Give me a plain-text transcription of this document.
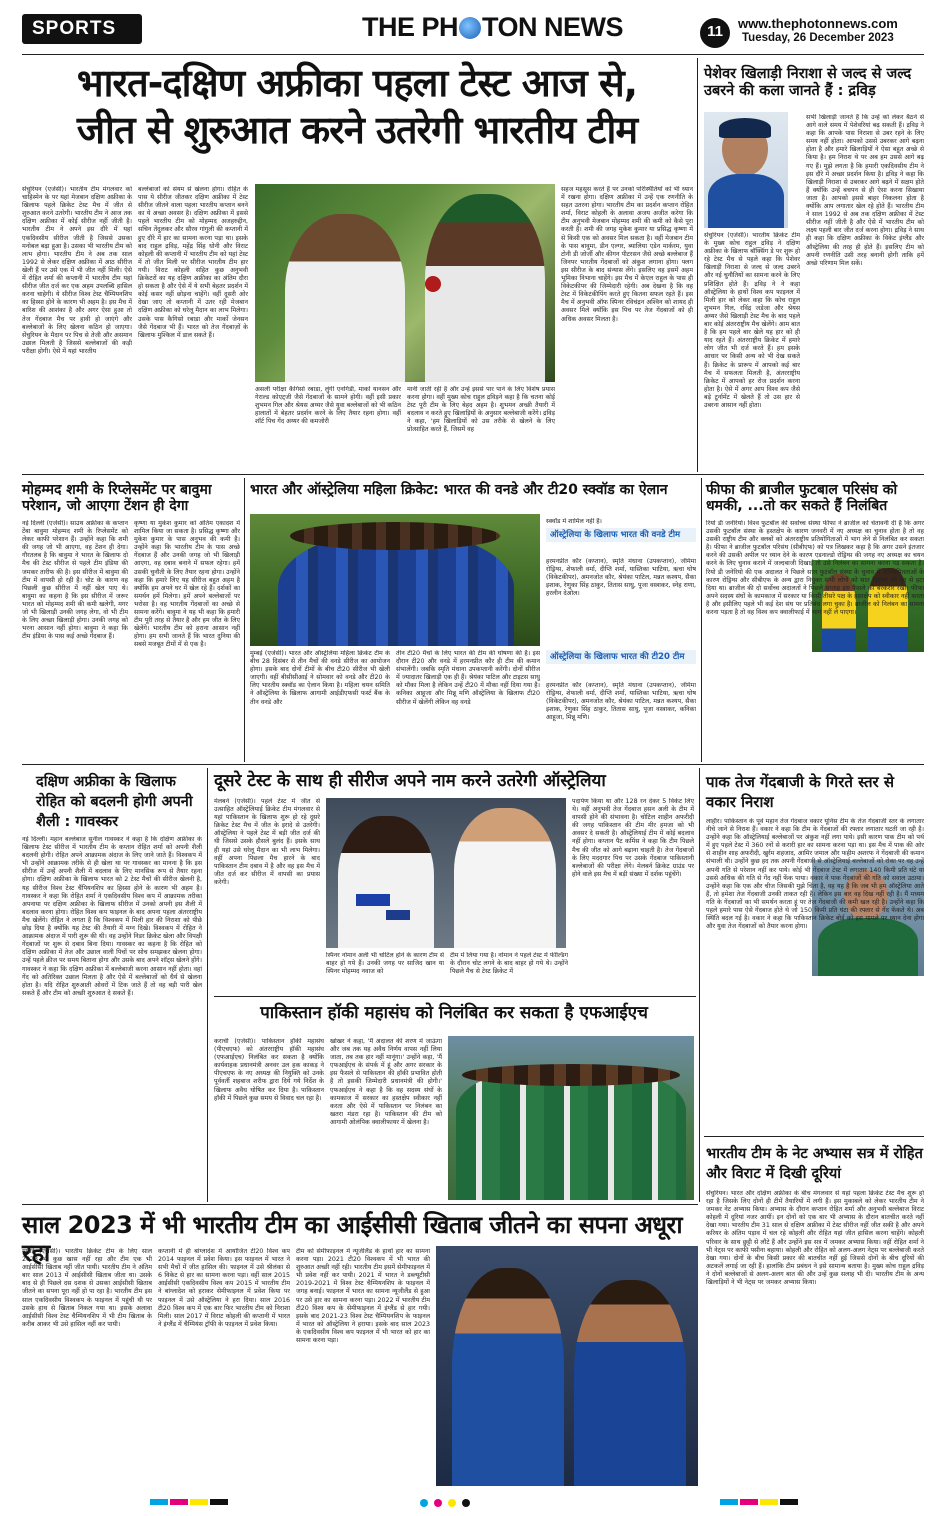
SPORTS	THE PH TON NEWS	11	www.thephotonnews.com
Tuesday, 26 December 2023
भारत-दक्षिण अफ्रीका पहला टेस्ट आज से,
जीत से शुरुआत करने उतरेगी भारतीय टीम
सेंचुरियन (एजेंसी)। भारतीय टीम मंगलवार को चाहिस्मेन के पर यहां मेजबान दक्षिण अफ्रीका के खिलाफ पहले क्रिकेट टेस्ट मैच में जीत से शुरुआत करने उतरेगी। भारतीय टीम ने आज तक दक्षिण अफ्रीका में कोई सीरीज नहीं जीती है। भारतीय टीम ने अपने इस दौरे में यहां एकदिवसीय सीरीज जीती है जिससे उसका मनोबल बढ़ा हुआ है। उसका भी भारतीय टीम को लाभ होगा। भारतीय टीम ने अब तक साल 1992 से लेकर दक्षिण अफ्रीका में आठ सीरीज खेली हैं पर उसे एक में भी जीत नहीं मिली। ऐसे में रोहित शर्मा की कप्तानी में भारतीय टीम यहां सीरीज जीत दर्ज कर एक अहम उपलब्धि हासिल करना चाहेगी। ये सीरीज विश्व टेस्ट चैम्पियनशिप का हिस्सा होने के कारण भी अहम है। इस मैच में बारिश की आशंका है और अगर ऐसा हुआ तो तेज गेंदबाज मैच पर हावी हो जाएंगे और बल्लेबाजों के लिए खेलना कठिन हो जाएगा। सेंचुरियन के मैदान पर पिच से तेजी और असमान उछाल मिलती है जिससे बल्लेबाजों की कड़ी परीक्षा होगी। ऐसे में यहां भारतीय
बल्लेबाजों को संयम से खेलना होगा। रोहित के पास ये सीरीज जीतकर दक्षिण अफ्रीका में टेस्ट सीरीज जीतने वाला पहला भारतीय कप्तान बनने का ये अच्छा अवसर है। दक्षिण अफ्रीका में इससे पहले भारतीय टीम को मोहम्मद अजहरुद्दीन, सचिन तेंदुलकर और सौरव गांगुली की कप्तानी में हुए दौरे में हार का सामना करना पड़ा था। इसके बाद राहुल द्रविड़, महेंद्र सिंह धोनी और विराट कोहली की कप्तानी में भारतीय टीम को यहां टेस्ट में तो जीत मिली पर सीरीज भारतीय टीम हार गयी। विराट कोहली सहित कुछ अनुभवी क्रिकेटरों का यह दक्षिण अफ्रीका का अंतिम दौरा हो सकता है और ऐसे में ये सभी बेहतर प्रदर्शन में कोई कसर नहीं छोड़ना चाहेंगे। वहीं दूसरी ओर देखा जाए तो कप्तानी में उतर रही मेजबान दक्षिण अफ्रीका को घरेलू मैदान का लाभ मिलेगा। उसके पास कैगिसो रबाडा और मार्को जेनसन जैसे गेंदबाज भी हैं। भारत को तेज गेंदबाज़ों के खिलाफ मुश्किल में डाल सकते हैं।
असली परीक्षा कैगिसो रबाडा, लुंगी एनगिडी, मार्को यानसन और गेराल्ड कोएट्जी जैसे गेंदबाजों के सामने होगी। वहीं इसी प्रकार शुभमन गिल और श्रेयस अय्यर जैसे युवा बल्लेबाजों को भी कठिन हालातों में बेहतर प्रदर्शन करने के लिए तैयार रहना होगा। वहीं शॉर्ट पिच गेंद अय्यर की कमजोरी
मानी जाती रही है और उन्हें इससे पार पाने के लिए विशेष प्रयास करना होगा। वहीं मुख्य कोच राहुल द्रविड़ने कहा है कि चतना कोई टेस्ट पूरी टीम के लिए बेहद अहम है। शुभमन अच्छी तैयारी में बदलाव न करते हुए खिलाड़ियों के अनुसार बल्लेबाजी करेंगे। द्रविड़ ने कहा, 'हम खिलाड़ियों को उस तरीके से खेलने के लिए प्रोत्साहित करते हैं, जिसमें वह
सहज महसूस करते हैं पर उनको परिस्थितियों को भी ध्यान में रखना होगा। दक्षिण अफ्रीका में उन्हें एक रणनीति के सहत उतरना होगा। भारतीय टीम का प्रदर्शन कप्तान रोहित शर्मा, विराट कोहली के अलावा अजय अजीत करेगा कि टीम अनुभवी मेजबान मोहम्मद शमी की कमी को कैसे पूरा करती है। शमी की जगह मुकेश कुमार या प्रसिद्ध कृष्णा में से किसी एक को अवसर मिल सकता है। वहीं मेजबान टीम के पास बावुमा, डीन एल्गर, ब्यालिया एडेन मार्करम, युवा टोनी डी जोर्जी और कीगन पीटरसन जैसे अच्छे बल्लेबाज हैं जिनपर भारतीय गेंदबाजों को अंकुश लगाना होगा। फ्लग इस सीरीज के बाद संन्यास लेंगे। इसलिए वह इसमें अहम भूमिका निभाना चाहेंगे। इस मैच में केएल राहुल के पास ही विकेटकीपर की जिम्मेदारी रहेगी। अब देखना है कि वह टेस्ट में विकेटकीपिंग करते हुए कितना सफल रहते हैं। इस मैच में अनुभवी ऑफ स्पिनर रविचंद्रन अश्विन को शायद ही अवसर मिले क्योंकि इस पिच पर तेज गेंदबाजों को ही अधिक अवसर मिलता है।
पेशेवर खिलाड़ी निराशा से जल्द से जल्द उबरने की कला जानते हैं : द्रविड़
सेंचुरियन (एजेंसी)। भारतीय क्रिकेट टीम के मुख्य कोच राहुल द्रविड़ ने दक्षिण अफ्रीका के खिलाफ बॉक्सिंग डे पर शुरू हो रहे टेस्ट मैच से पहले कहा कि पेशेवर खिलाड़ी निराशा से जल्द से जल्द उबरने और नई चुनौतियों का सामना करने के लिए प्रशिक्षित होते हैं। द्रविड़ ने ने कहा ऑस्ट्रेलिया के हाथों विश्व कप फाइनल में मिली हार को लेकर कहा कि कोच राहुल शुभमन गिल, रविंद्र जडेजा और श्रेयस अय्यर जैसे खिलाड़ी टेस्ट मैच के बाद पहले बार कोई अंतरराष्ट्रीय मैच खेलेंगे। आम बात है कि हम पहले बार खेले यह हार को ही याद रहते हैं। अंतरराष्ट्रीय क्रिकेट में हमारे लोग जीत भी दर्ज करते हैं। हम इसके आधार पर किसी अन्य को भी देख सकते हैं। क्रिकेट के प्रारूप में आपको कई बार मैच में सफलता मिलती है, अंतरराष्ट्रीय क्रिकेट में आपको हर रोज प्रदर्शन करना होता है। ऐसे में अगर आप विश्व कप जैसे बड़े टूर्नामेंट में खेलते हैं तो उस हार से उबरना आसान नहीं होता।
सभी खिलाड़ी जानते हैं कि उन्हें को लेकर बैठने से आगे वाले समय में पेशेवरियां बढ़ सकती हैं। द्रविड़ ने कहा कि आपके पास निराशा से उबर रहने के लिए समय नहीं होता। आपको उससे उबरकर आगे बढ़ना होता है और हमारे खिलाड़ियों ने ऐसा बहुत अच्छे से किया है। हम निराश थे पर अब हम उससे आगे बढ़ गए हैं। मुझे लगता है कि हमारी एकदिवसीय टीम ने इस दौरे में अच्छा प्रदर्शन किया है। द्रविड़ ने कहा कि खिलाड़ी निराशा से उबरकर आगे बढ़ने में सक्षम होते हैं क्योंकि उन्हें बचपन से ही ऐसा करना सिखाया जाता है। आपको इससे बाहर निकलना होता है क्योंकि आप लगातार खेल रहे होते हैं। भारतीय टीम ने साल 1992 से अब तक दक्षिण अफ्रीका में टेस्ट सीरीज नहीं जीती है और ऐसे में भारतीय टीम को लक्ष्य पहली बार जीत दर्ज करना होगा। द्रविड़ ने साथ ही कहा कि दक्षिण अफ्रीका के विकेट इंग्लैंड और ऑस्ट्रेलिया की तरह ही होते हैं। इसलिए टीम को अपनी रणनीति उसी तरह बनानी होगी ताकि हमें अच्छे परिणाम मिल सकें।
मोहम्मद शमी के रिप्लेसमेंट पर बावुमा परेशान, जो आएगा टेंशन ही देगा
नई दिल्ली (एजेंसी)। साउथ अफ्रीका के कप्तान टेंबा बावुमा मोहम्मद शमी के रिप्लेसमेंट को लेकर काफी परेशान हैं। उन्होंने कहा कि शमी की जगह जो भी आएगा, वह टेंशन ही देगा। गौरतलब है कि बावुमा ने भारत के खिलाफ दो मैच की टेस्ट सीरीज से पहले टीम इंडिया की जमकर तारीफ की है। इस सीरीज में बावुमा की टीम में वापसी हो रही है। चोट के कारण वह पिछली कुछ सीरीज में नहीं खेल पाए थे। बावुमा का कहना है कि इस सीरीज में जरूर भारत को मोहम्मद शमी की कमी खलेगी, मगर जो भी खिलाड़ी उनकी जगह लेगा, वो भी टीम के लिए अच्छा खिलाड़ी होगा। उनकी जगह को भरना आसान नहीं होगा। बावुमा ने कहा कि टीम इंडिया के पास कई अच्छे गेंदबाज हैं।
कृष्णा या मुकेश कुमार को अंतिम एकादश में शामिल किया जा सकता है। प्रसिद्ध कृष्णा और मुकेश कुमार के पास अनुभव की कमी है। उन्होंने कहा कि भारतीय टीम के पास अच्छे गेंदबाज हैं और उनकी जगह जो भी खिलाड़ी आएगा, वह दबाव बनाने में सफल रहेगा। हमें उसकी चुनौती के लिए तैयार रहना होगा। उन्होंने कहा कि हमारे लिए यह सीरीज बहुत अहम है क्योंकि हम अपने घर में खेल रहे हैं। दर्शकों का समर्थन हमें मिलेगा। हमें अपने बल्लेबाजों पर भरोसा है। वह भारतीय गेंदबाजों का अच्छे से सामना करेंगे। बावुमा ने यह भी कहा कि हमारी टीम पूरी तरह से तैयार है और हम जीत के लिए खेलेंगे। भारतीय टीम को हराना आसान नहीं होगा। हम सभी जानते हैं कि भारत दुनिया की सबसे मजबूत टीमों में से एक है।
भारत और ऑस्ट्रेलिया महिला क्रिकेट: भारत की वनडे और टी20 स्क्वॉड का ऐलान
मुम्बई (एजेंसी)। भारत और ऑस्ट्रेलिया महिला क्रिकेट टीम के बीच 28 दिसंबर से तीन मैचों की वनडे सीरीज का आयोजन होगा। इसके बाद दोनों टीमों के बीच टी20 सीरीज भी खेली जाएगी। वहीं बीसीसीआई ने सोमवार को वनडे और टी20 के लिए भारतीय स्क्वॉड का ऐलान किया है। महिला चयन समिति ने ऑस्ट्रेलिया के खिलाफ आगामी आईडीएफसी फर्स्ट बैंक के तीन वनडे और
तीन टी20 मैचों के लिए भारत की टीम की घोषणा की है। इस दौरान टी20 और वनडे में हरमनप्रीत कौर ही टीम की कमान संभालेंगी। जबकि स्मृति मंधाना उपकप्तानी करेंगी। दोनों सीरीज में ज्यादातर खिलाड़ी एक ही हैं। श्रेयंका पाटिल और टाइटस साधु को मौका मिला है लेकिन उन्हें टी20 में मौका नहीं दिया गया है। कनिका आहूजा और मिन्नू मणि ऑस्ट्रेलिया के खिलाफ टी20 सीरीज में खेलेंगी लेकिन वह वनडे
स्क्वॉड में शामिल नहीं हैं।
ऑस्ट्रेलिया के खिलाफ भारत की वनडे टीम
हरमनप्रीत कौर (कप्तान), स्मृति मंधाना (उपकप्तान), जेमिमा रोड्रिग्स, शेफाली वर्मा, दीप्ति शर्मा, यास्तिका भाटिया, ऋचा घोष (विकेटकीपर), अमनजोत कौर, श्रेयंका पाटिल, मन्नत कश्यप, सैका इशाक, रेणुका सिंह ठाकुर, तितास साधु, पूजा वस्त्राकर, स्नेह राणा, हरलीन देओल।
ऑस्ट्रेलिया के खिलाफ भारत की टी20 टीम
हरमनप्रीत कौर (कप्तान), स्मृति मंधाना (उपकप्तान), जेमिमा रोड्रिग्स, शेफाली वर्मा, दीप्ति शर्मा, यास्तिका भाटिया, ऋचा घोष (विकेटकीपर), अमनजोत कौर, श्रेयंका पाटिल, मन्नत कश्यप, सैका इशाक, रेणुका सिंह ठाकुर, तितास साधु, पूजा वस्त्राकर, कनिका आहूजा, मिन्नू मणि।
फीफा की ब्राजील फुटबाल परिसंघ को धमकी, ...तो कर सकते हैं निलंबित
रियो डी जनेरियो। विश्व फुटबॉल की सर्वोच्च संस्था फीफा ने ब्राजील को चेतावनी दी है कि अगर उसकी फुटबॉल संस्था के हस्तक्षेप के कारण जनवरी में नए अध्यक्ष का चुनाव होता है तो वह उसकी राष्ट्रीय टीम और क्लबों को अंतरराष्ट्रीय प्रतियोगिताओं में भाग लेने से निलंबित कर सकता है। फीफा ने ब्राजील फुटबॉल परिसंघ (सीबीएफ) को पत्र लिखकर कहा है कि अगर उसने इंतजार करने की उसकी अपील पर ध्यान देने के कारण एडनाल्डो रोड्रिग्स की जगह नए अध्यक्ष का चयन करने के लिए चुनाव कराने में जल्दबाजी दिखाई तो उसे निलंबन का सामना करना पड़ सकता है। रियो डी जनेरियो की एक अदालत ने पिछले साल फुटबॉल संस्था के चुनाव में अनियमितताओं के कारण रोड्रिग्स और सीबीएफ के अन्य द्वारा नियुक्त सभी लोगों को सात दिसंबर को पद से हटा दिया था। ब्राजील की दो सर्वोच्च अदालतों ने पिछले सप्ताह इस फैसले को बरकरार रखा। फीफा अपने सदस्य संघों के कामकाज में सरकार या किसी तीसरे पक्ष के हस्तक्षेप को स्वीकार नहीं करता है और इसीलिए पहले भी कई देश संघ पर प्रतिबंध लगा चुका है। ब्राजील को निलंबन का सामना करना पड़ता है तो वह विश्व कप क्वालीफाई में भाग नहीं ले पाएगा।
दक्षिण अफ्रीका के खिलाफ रोहित को बदलनी होगी अपनी शैली : गावस्कर
नई दिल्ली। महान बल्लेबाज सुनील गावस्कर ने कहा है कि दक्षिण अफ्रीका के खिलाफ टेस्ट सीरीज में भारतीय टीम के कप्तान रोहित शर्मा को अपनी शैली बदलनी होगी। रोहित अपने आक्रामक अंदाज के लिए जाने जाते हैं। विश्वकप में भी उन्होंने आक्रामक तरीके से ही खेला था पर गावस्कर का मानना है कि इस सीरीज में उन्हें अपनी शैली में बदलाव के लिए मानसिक रूप से तैयार रहना होगा। दक्षिण अफ्रीका के खिलाफ भारत को 2 टेस्ट मैचों की सीरीज खेलनी है, यह सीरीज विश्व टेस्ट चैंपियनशिप का हिस्सा होने के कारण भी अहम है। गावस्कर ने कहा कि रोहित शर्मा ने एकदिवसीय विश्व कप में आक्रामक तरीका अपनाया पर दक्षिण अफ्रीका के खिलाफ सीरीज में उनको अपनी इस शैली में बदलाव करना होगा। रोहित विश्व कप फाइनल के बाद अपना पहला अंतरराष्ट्रीय मैच खेलेंगे। रोहित ने लगता है कि विश्वकप में मिली हार की निराशा को पीछे छोड़ दिया है क्योंकि यह टेस्ट की तैयारी में मग्न दिखे। विश्वकप में रोहित ने आक्रामक अंदाज में पारी शुरू की थी। वह उन्होंने निडर क्रिकेट खेला और विपक्षी गेंदबाजों पर शुरू से दबाव बिना दिया। गावस्कर का कहना है कि रोहित को दक्षिण अफ्रीका में तेज और उछाल वाली पिचों पर सोच समझकर खेलना होगा। उन्हें पहले क्रीज पर समय बिताना होगा और उसके बाद अपने शॉट्स खेलने होंगे। गावस्कर ने कहा कि दक्षिण अफ्रीका में बल्लेबाजी करना आसान नहीं होता। वहां गेंद को अतिरिक्त उछाल मिलता है और ऐसे में बल्लेबाजों को धैर्य से खेलना होता है। यदि रोहित शुरुआती ओवरों में टिक जाते हैं तो वह बड़ी पारी खेल सकते हैं और टीम को अच्छी शुरुआत दे सकते हैं।
दूसरे टेस्ट के साथ ही सीरीज अपने नाम करने उतरेगी ऑस्ट्रेलिया
मेलबर्न (एजेंसी)। पहले टेस्ट में जीत से उत्साहित ऑस्ट्रेलियाई क्रिकेट टीम मंगलवार से यहां पाकिस्तान के खिलाफ शुरू हो रहे दूसरे क्रिकेट टेस्ट मैच में जीत के इरादे से उतरेगी। ऑस्ट्रेलिया ने पहले टेस्ट में बड़ी जीत दर्ज की थी जिससे उसके हौसले बुलंद हैं। इसके साथ ही यहां उसे घरेलू मैदान का भी लाभ मिलेगा। वहीं अपना पिछला मैच हारने के बाद पाकिस्तान टीम दबाव में है और वह इस मैच में जीत दर्ज कर सीरीज में वापसी का प्रयास करेगी।
पदार्पण किया था और 128 रन देकर 5 विकेट लिए थे। वहीं अनुभवी तेज गेंदबाज हसन अली के टीम में वापसी होने की संभावना है। चोटिल शाहीन अफरीदी की जगह पाकिस्तान की टीम मीर हमजा को भी अवसर दे सकती है। ऑस्ट्रेलियाई टीम में कोई बदलाव नहीं होगा। कप्तान पैट कमिंस ने कहा कि टीम पिछले मैच की जीत को आगे बढ़ाना चाहती है। तेज गेंदबाजों के लिए मददगार पिच पर उसके गेंदबाज पाकिस्तानी बल्लेबाजों की परीक्षा लेंगे। मेलबर्न क्रिकेट ग्राउंड पर होने वाले इस मैच में बड़ी संख्या में दर्शक पहुंचेंगे।
स्पिनर नोमान अली भी चोटिल होने के कारण टीम से बाहर हो गये हैं। उनकी जगह पर साजिद खान या स्पिनर मोहम्मद नवाज को
टीम में लिया गया है। नोमान ने पहले टेस्ट में फील्डिंग के दौरान चोट लगने के बाद बाहर हो गये थे। उन्होंने पिछले मैच से टेस्ट क्रिकेट में
पाकिस्तान हॉकी महासंघ को निलंबित कर सकता है एफआईएच
कराची (एजेंसी)। पाकिस्तान हॉकी महासंघ (पीएचएफ) को अंतरराष्ट्रीय हॉकी महासंघ (एफआईएच) निलंबित कर सकता है क्योंकि कार्यवाहक प्रधानमंत्री अनवर उल हक काकड़ ने पीएचएफ के नए अध्यक्ष की नियुक्ति को उनके पूर्ववर्ती शहबाज शरीफ द्वारा दिये गये निर्देश के खिलाफ अवैध घोषित कर दिया है। पाकिस्तान हॉकी में पिछले कुछ समय से विवाद चल रहा है।
खोखर ने कहा, 'मैं अदालत की शरण में जाऊंगा और जब तक यह अवैध निर्णय वापस नहीं लिया जाता, तब तक हार नहीं मानूंगा।' उन्होंने कहा, 'मैं एफआईएच के संपर्क में हूं और अगर सरकार के इस फैसले से पाकिस्तान की हॉकी प्रभावित होती है तो इसकी जिम्मेदारी प्रधानमंत्री की होगी।' एफआईएच ने कहा है कि वह सदस्य संघों के कामकाज में सरकार का हस्तक्षेप स्वीकार नहीं करता और ऐसे में पाकिस्तान पर निलंबन का खतरा मंडरा रहा है। पाकिस्तान की टीम को आगामी ओलंपिक क्वालीफायर में खेलना है।
पाक तेज गेंदबाजी के गिरते स्तर से वकार निराश
लाहौर। पाकिस्तान के पूर्व महान तेज गेंदबाज वकार यूनिस टीम के तेज गेंदबाजी स्तर के लगातार नीचे जाने से निराश हैं। वकार ने कहा कि टीम के गेंदबाजों की रफ्तार लगातार घटती जा रही है। उन्होंने कहा कि ऑस्ट्रेलियाई बल्लेबाजों पर अंकुश नहीं लगा पाये। इसी कारण पाक टीम को पर्थ में हुए पहले टेस्ट में 360 रनों से करारी हार का सामना करना पड़ा था। इस मैच में पाक की ओर से शाहीन शाह अफरीदी, खुर्रम शहजाद, आमिर जमाल और फहीम अशरफ ने गेंदबाजी की कमान संभाली थी। उन्होंने कुछ हद तक अपनी गेंदबाजी से ऑस्ट्रेलियाई बल्लेबाजों को रोका पर वह उन्हें अपनी गति से परेशान नहीं कर पाये। कोई भी गेंदबाज टेस्ट में लगातार 140 किमी प्रति घंटे या उससे अधिक की गति से गेंद नहीं फेंक पाया। वकार ने पाक गेंदबाजों की गति को सवाल उठाया। उन्होंने कहा कि एक और चीज जिसकी मुझे चिंता है, वह यह है कि जब भी हम ऑस्ट्रेलिया आते हैं, तो हमेशा तेज गेंदबाजी उनकी ताकत रही है। लेकिन इस बार वह दिख नहीं रही है। मैं मध्यम गति के गेंदबाजों का भी समर्थन करता हूं पर तेज गेंदबाजी की कमी खल रही है। उन्होंने कहा कि पहले हमारे पास ऐसे गेंदबाज होते थे जो 150 किमी प्रति घंटा की रफ्तार से गेंद फेंकते थे। अब स्थिति बदल गई है। वकार ने कहा कि पाकिस्तान क्रिकेट बोर्ड को इस मामले पर ध्यान देना होगा और युवा तेज गेंदबाजों को तैयार करना होगा।
भारतीय टीम के नेट अभ्यास सत्र में रोहित और विराट में दिखी दूरियां
सेंचुरियन। भारत और दक्षिण अफ्रीका के बीच मंगलवार से यहां पहला क्रिकेट टेस्ट मैच शुरू हो रहा है जिसके लिए दोनों ही टीमें तैयारियों में लगी हैं। इस मुकाबले को लेकर भारतीय टीम ने जमकर नेट अभ्यास किया। अभ्यास के दौरान कप्तान रोहित शर्मा और अनुभवी बल्लेबाज विराट कोहली में दूरियां नजर आयीं। इन दोनों को एक बार भी अभ्यास के दौरान बातचीत करते नहीं देखा गया। भारतीय टीम 31 साल से दक्षिण अफ्रीका में टेस्ट सीरीज नहीं जीत सकी है और अपने करियर के अंतिम पड़ाव में चल रहे कोहली और रोहित यहां जीत हासिल करना चाहेंगे। कोहली परिवार के साथ छुट्टी से लौटे हैं और उन्होंने इस सत्र में जमकर अभ्यास किया। वहीं रोहित शर्मा ने भी नेट्स पर काफी पसीना बहाया। कोहली और रोहित को अलग-अलग नेट्स पर बल्लेबाजी करते देखा गया। दोनों के बीच किसी प्रकार की बातचीत नहीं हुई जिससे दोनों के बीच दूरियों की अटकलें लगाई जा रही हैं। हालांकि टीम प्रबंधन ने इसे सामान्य बताया है। मुख्य कोच राहुल द्रविड़ ने दोनों बल्लेबाजों से अलग-अलग बात की और उन्हें कुछ सलाह भी दी। भारतीय टीम के अन्य खिलाड़ियों ने भी नेट्स पर जमकर अभ्यास किया।
साल 2023 में भी भारतीय टीम का आईसीसी खिताब जीतने का सपना अधूरा रहा
मुम्बई (एजेंसी)। भारतीय क्रिकेट टीम के लिए साल 2023 भी कुछ खास नहीं रहा और टीम एक भी आईसीसी खिताब नहीं जीत पायी। भारतीय टीम ने अंतिम बार साल 2013 में आईसीसी खिताब जीता था। उसके बाद से ही पिछले दस दशक से उसका आईसीसी खिताब जीतने का सपना पूरा नहीं हो पा रहा है। भारतीय टीम इस साल एकदिवसीय विश्वकप के फाइनल में पहुंची थी पर उसके हाथ से खिताब निकल गया था। इसके अलावा आईसीसी विश्व टेस्ट चैम्पियनशिप में भी टीम खिताब के करीब आकर भी उसे हासिल नहीं कर पायी।
कप्तानी में ही बांग्लादेश में आयोजित टी20 विश्व कप 2014 फाइनल में प्रवेश किया। इस फाइनल में भारत ने सभी मैचों में जीत हासिल की। फाइनल में उसे श्रीलंका से 6 विकेट से हार का सामना करना पड़ा। वहीं साल 2015 आईसीसी एकदिवसीय विश्व कप 2015 में भारतीय टीम ने बांग्लादेश को हराकर सेमीफाइनल में प्रवेश किया पर फाइनल में उसे ऑस्ट्रेलिया ने हरा दिया। साल 2016 टी20 विश्व कप में एक बार फिर भारतीय टीम को निराशा मिली। साल 2017 में विराट कोहली की कप्तानी में भारत ने इंग्लैंड में चैम्पियंस ट्रॉफी के फाइनल में प्रवेश किया।
टीम को सेमीफाइनल में न्यूजीलैंड के हाथों हार का सामना करना पड़ा। 2021 टी20 विश्वकप में भी भारत की शुरुआत अच्छी नहीं रही। भारतीय टीम इसमें सेमीफाइनल में भी प्रवेश नहीं कर पायी। 2021 में भारत ने डब्ल्यूटीसी 2019-2021 में विश्व टेस्ट चैम्पियनशिप के फाइनल में जगह बनाई। फाइनल में भारत का सामना न्यूजीलैंड से हुआ पर उसे हार का सामना करना पड़ा। 2022 में भारतीय टीम टी20 विश्व कप के सेमीफाइनल में इंग्लैंड से हार गयी। इसके बाद 2021-23 विश्व टेस्ट चैम्पियनशिप के फाइनल में भारत को ऑस्ट्रेलिया ने हराया। इसके बाद साल 2023 के एकदिवसीय विश्व कप फाइनल में भी भारत को हार का सामना करना पड़ा।
